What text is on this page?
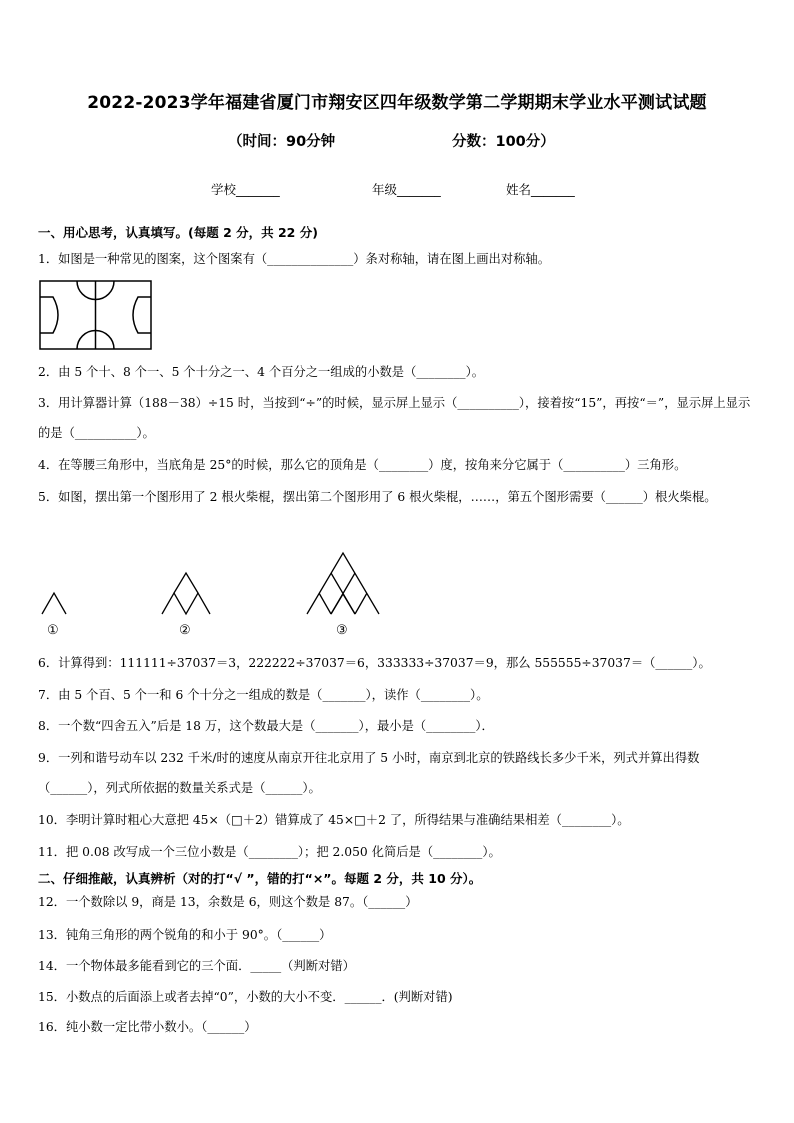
2022-2023学年福建省厦门市翔安区四年级数学第二学期期末学业水平测试试题
（时间：90分钟	分数：100分）
学校_______	年级_______	姓名_______
一、用心思考，认真填写。(每题 2 分，共 22 分)
1．如图是一种常见的图案，这个图案有（______________）条对称轴，请在图上画出对称轴。
2．由 5 个十、8 个一、5 个十分之一、4 个百分之一组成的小数是（________）。
3．用计算器计算（188－38）÷15 时，当按到“÷”的时候，显示屏上显示（__________），接着按“15”，再按“＝”，显示屏上显示的是（__________）。
4．在等腰三角形中，当底角是 25°的时候，那么它的顶角是（________）度，按角来分它属于（__________）三角形。
5．如图，摆出第一个图形用了 2 根火柴棍，摆出第二个图形用了 6 根火柴棍，……，第五个图形需要（______）根火柴棍。
①	②	③
6．计算得到：111111÷37037＝3，222222÷37037＝6，333333÷37037＝9，那么 555555÷37037＝（______）。
7．由 5 个百、5 个一和 6 个十分之一组成的数是（_______），读作（________）。
8．一个数“四舍五入”后是 18 万，这个数最大是（_______），最小是（________）．
9．一列和谐号动车以 232 千米/时的速度从南京开往北京用了 5 小时，南京到北京的铁路线长多少千米，列式并算出得数（______），列式所依据的数量关系式是（______）。
10．李明计算时粗心大意把 45×（□＋2）错算成了 45×□＋2 了，所得结果与准确结果相差（________）。
11．把 0.08 改写成一个三位小数是（________）；把 2.050 化简后是（________）。
二、仔细推敲，认真辨析（对的打“√ ”，错的打“×”。每题 2 分，共 10 分）。
12．一个数除以 9，商是 13，余数是 6，则这个数是 87。（______）
13．钝角三角形的两个锐角的和小于 90°。（______）
14．一个物体最多能看到它的三个面．_____（判断对错）
15．小数点的后面添上或者去掉“0”，小数的大小不变．______．(判断对错)
16．纯小数一定比带小数小。（______）
